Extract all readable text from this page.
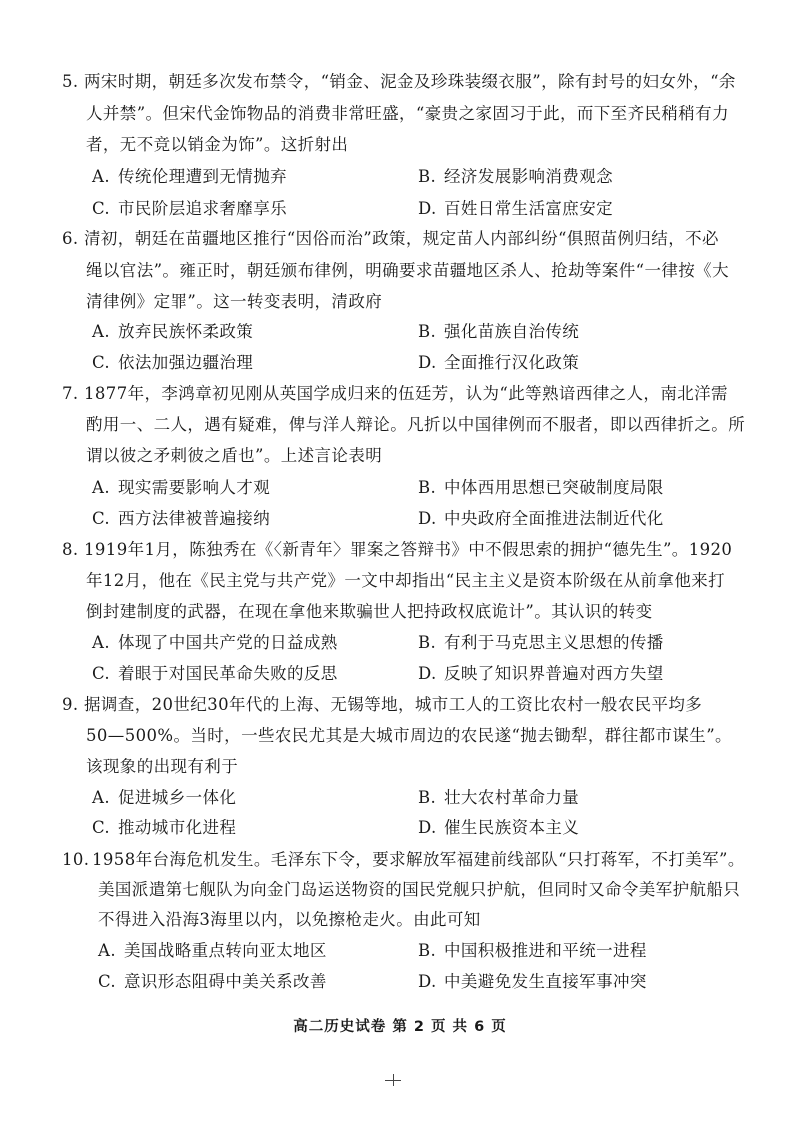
5. 两宋时期，朝廷多次发布禁令，“销金、泥金及珍珠装缀衣服”，除有封号的妇女外，“余
人并禁”。但宋代金饰物品的消费非常旺盛，“豪贵之家固习于此，而下至齐民稍稍有力
者，无不竞以销金为饰”。这折射出
A. 传统伦理遭到无情抛弃	B. 经济发展影响消费观念
C. 市民阶层追求奢靡享乐	D. 百姓日常生活富庶安定
6. 清初，朝廷在苗疆地区推行“因俗而治”政策，规定苗人内部纠纷“俱照苗例归结，不必
绳以官法”。雍正时，朝廷颁布律例，明确要求苗疆地区杀人、抢劫等案件“一律按《大
清律例》定罪”。这一转变表明，清政府
A. 放弃民族怀柔政策	B. 强化苗族自治传统
C. 依法加强边疆治理	D. 全面推行汉化政策
7. 1877年，李鸿章初见刚从英国学成归来的伍廷芳，认为“此等熟谙西律之人，南北洋需
酌用一、二人，遇有疑难，俾与洋人辩论。凡折以中国律例而不服者，即以西律折之。所
谓以彼之矛刺彼之盾也”。上述言论表明
A. 现实需要影响人才观	B. 中体西用思想已突破制度局限
C. 西方法律被普遍接纳	D. 中央政府全面推进法制近代化
8. 1919年1月，陈独秀在《〈新青年〉罪案之答辩书》中不假思索的拥护“德先生”。1920
年12月，他在《民主党与共产党》一文中却指出“民主主义是资本阶级在从前拿他来打
倒封建制度的武器，在现在拿他来欺骗世人把持政权底诡计”。其认识的转变
A. 体现了中国共产党的日益成熟	B. 有利于马克思主义思想的传播
C. 着眼于对国民革命失败的反思	D. 反映了知识界普遍对西方失望
9. 据调查，20世纪30年代的上海、无锡等地，城市工人的工资比农村一般农民平均多
50—500%。当时，一些农民尤其是大城市周边的农民遂“抛去锄犁，群往都市谋生”。
该现象的出现有利于
A. 促进城乡一体化	B. 壮大农村革命力量
C. 推动城市化进程	D. 催生民族资本主义
10. 1958年台海危机发生。毛泽东下令，要求解放军福建前线部队“只打蒋军，不打美军”。
美国派遣第七舰队为向金门岛运送物资的国民党舰只护航，但同时又命令美军护航船只
不得进入沿海3海里以内，以免擦枪走火。由此可知
A. 美国战略重点转向亚太地区	B. 中国积极推进和平统一进程
C. 意识形态阻碍中美关系改善	D. 中美避免发生直接军事冲突
高二历史试卷 第 2 页 共 6 页
